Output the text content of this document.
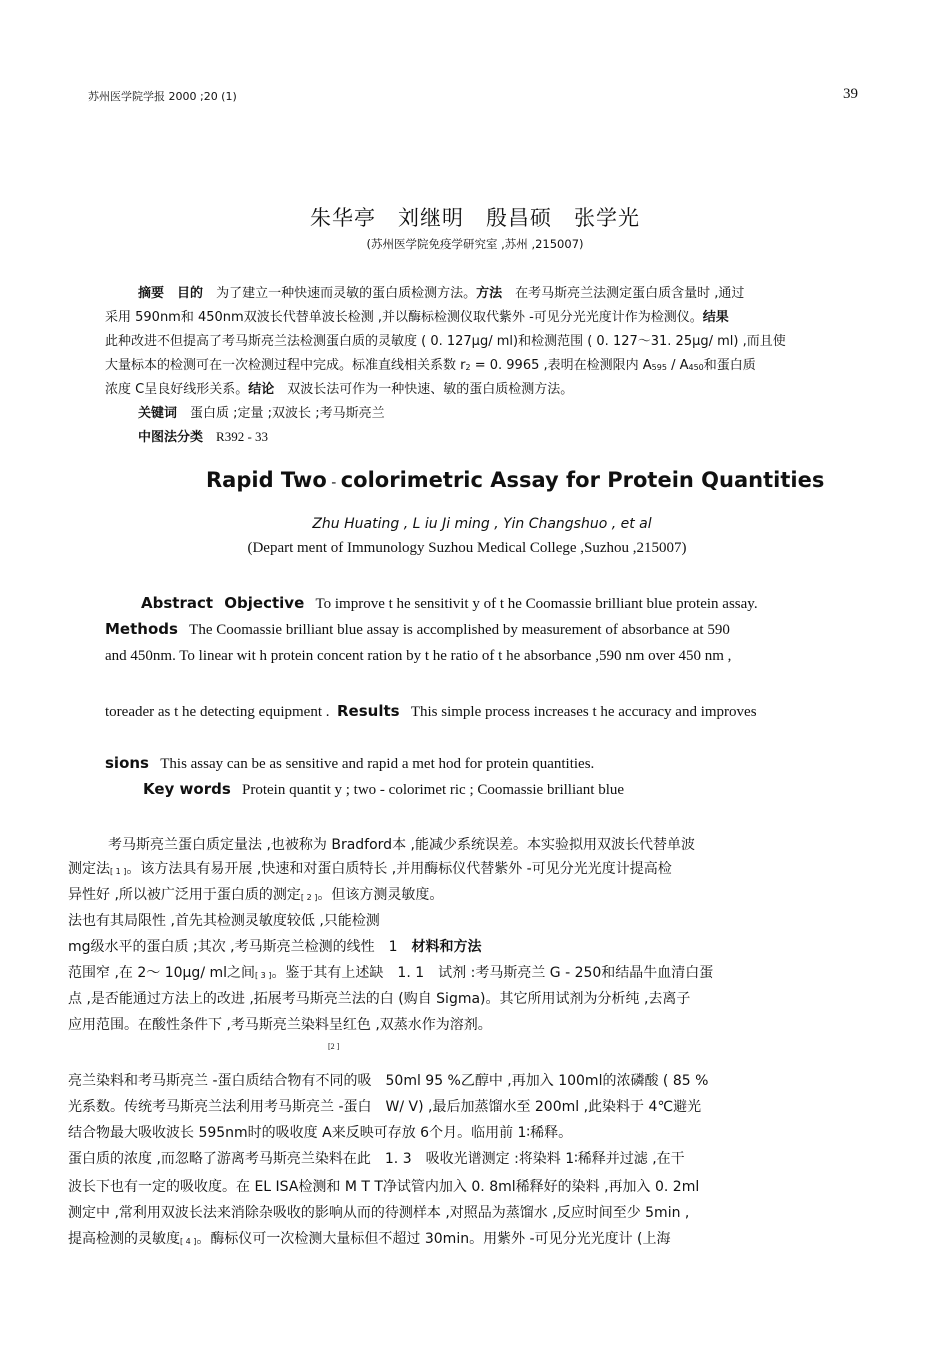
苏州医学院学报 2000 ;20 (1)	39
朱华亭　刘继明　殷昌硕　张学光
(苏州医学院免疫学研究室 ,苏州 ,215007)
摘要　 目的　 为了建立一种快速而灵敏的蛋白质检测方法。方法　 在考马斯亮兰法测定蛋白质含量时 ,通过
采用 590nm和 450nm双波长代替单波长检测 ,并以酶标检测仪取代紫外 -可见分光光度计作为检测仪。结果
此种改进不但提高了考马斯亮兰法检测蛋白质的灵敏度 ( 0. 127μg/ ml)和检测范围 ( 0. 127～31. 25μg/ ml) ,而且使
大量标本的检测可在一次检测过程中完成。标准直线相关系数 $r_2 = 0$. 9965 ,表明在检测限内 $A_{595} / A_{450}$和蛋白质
浓度 C呈良好线形关系。结论　 双波长法可作为一种快速、敏的蛋白质检测方法。
关键词　 蛋白质 ;定量 ;双波长 ;考马斯亮兰
中图法分类　 R392 - 33
Rapid Two - colorimetric Assay for Protein Quantities
Zhu Huating , L iu Ji ming , Yin Changshuo , et al
(Depart ment of Immunology Suzhou Medical College ,Suzhou ,215007)
Abstract Objective To improve t he sensitivit y of t he Coomassie brilliant blue protein assay.
Methods The Coomassie brilliant blue assay is accomplished by measurement of absorbance at 590
and 450nm. To linear wit h protein concent ration by t he ratio of t he absorbance ,590 nm over 450 nm ,
toreader as t he detecting equipment . Results This simple process increases t he accuracy and improves
sions This assay can be as sensitive and rapid a met hod for protein quantities.
Key words Protein quantit y ; two - colorimet ric ; Coomassie brilliant blue
考马斯亮兰蛋白质定量法 ,也被称为 Bradford本 ,能减少系统误差。本实验拟用双波长代替单波
测定法$_{[ 1 ]}$。该方法具有易开展 ,快速和对蛋白质特长 ,并用酶标仪代替紫外 -可见分光光度计提高检
异性好 ,所以被广泛用于蛋白质的测定$_{[ 2 ]}$。但该方测灵敏度。
法也有其局限性 ,首先其检测灵敏度较低 ,只能检测
mg级水平的蛋白质 ;其次 ,考马斯亮兰检测的线性　1　材料和方法
范围窄 ,在 2～ 10μg/ ml之间$_{[ 3 ]}$。鉴于其有上述缺　1. 1　试剂 :考马斯亮兰 G - 250和结晶牛血清白蛋
点 ,是否能通过方法上的改进 ,拓展考马斯亮兰法的白 (购自 Sigma)。其它所用试剂为分析纯 ,去离子
应用范围。在酸性条件下 ,考马斯亮兰染料呈红色 ,双蒸水作为溶剂。
[2 ]
亮兰染料和考马斯亮兰 -蛋白质结合物有不同的吸　50ml 95 %乙醇中 ,再加入 100ml的浓磷酸 ( 85 %
光系数。传统考马斯亮兰法利用考马斯亮兰 -蛋白　W/ V) ,最后加蒸馏水至 200ml ,此染料于 4℃避光
结合物最大吸收波长 595nm时的吸收度 A来反映可存放 6个月。临用前 1∶稀释。
蛋白质的浓度 ,而忽略了游离考马斯亮兰染料在此　1. 3　吸收光谱测定 :将染料 1∶稀释并过滤 ,在干
波长下也有一定的吸收度。在 EL ISA检测和 M T T净试管内加入 0. 8ml稀释好的染料 ,再加入 0. 2ml
测定中 ,常利用双波长法来消除杂吸收的影响从而的待测样本 ,对照品为蒸馏水 ,反应时间至少 5min ,
提高检测的灵敏度$_{[ 4 ]}$。酶标仪可一次检测大量标但不超过 30min。用紫外 -可见分光光度计 (上海
